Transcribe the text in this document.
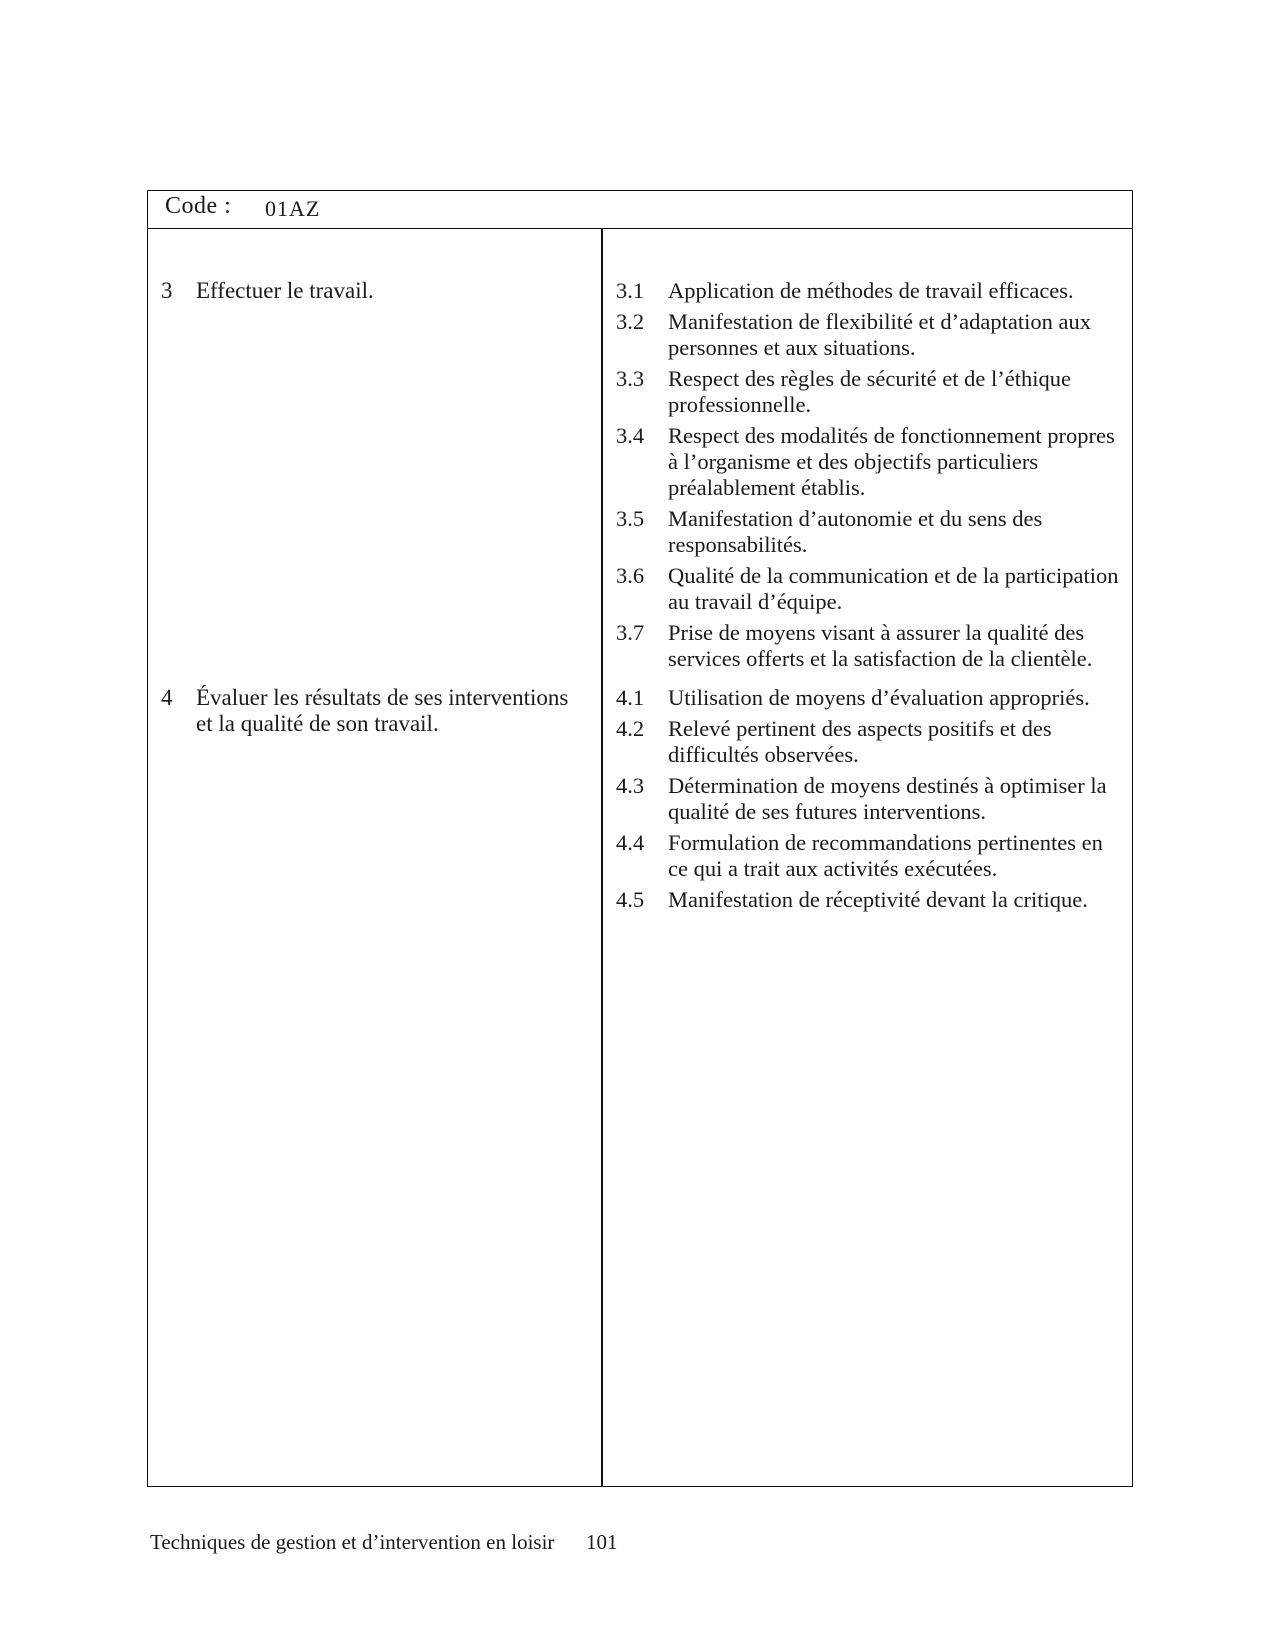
Code : 01AZ
3 Effectuer le travail.
4 Évaluer les résultats de ses interventions et la qualité de son travail.
3.1 Application de méthodes de travail efficaces.
3.2 Manifestation de flexibilité et d’adaptation aux personnes et aux situations.
3.3 Respect des règles de sécurité et de l’éthique professionnelle.
3.4 Respect des modalités de fonctionnement propres à l’organisme et des objectifs particuliers préalablement établis.
3.5 Manifestation d’autonomie et du sens des responsabilités.
3.6 Qualité de la communication et de la participation au travail d’équipe.
3.7 Prise de moyens visant à assurer la qualité des services offerts et la satisfaction de la clientèle.
4.1 Utilisation de moyens d’évaluation appropriés.
4.2 Relevé pertinent des aspects positifs et des difficultés observées.
4.3 Détermination de moyens destinés à optimiser la qualité de ses futures interventions.
4.4 Formulation de recommandations pertinentes en ce qui a trait aux activités exécutées.
4.5 Manifestation de réceptivité devant la critique.
Techniques de gestion et d’intervention en loisir 101
